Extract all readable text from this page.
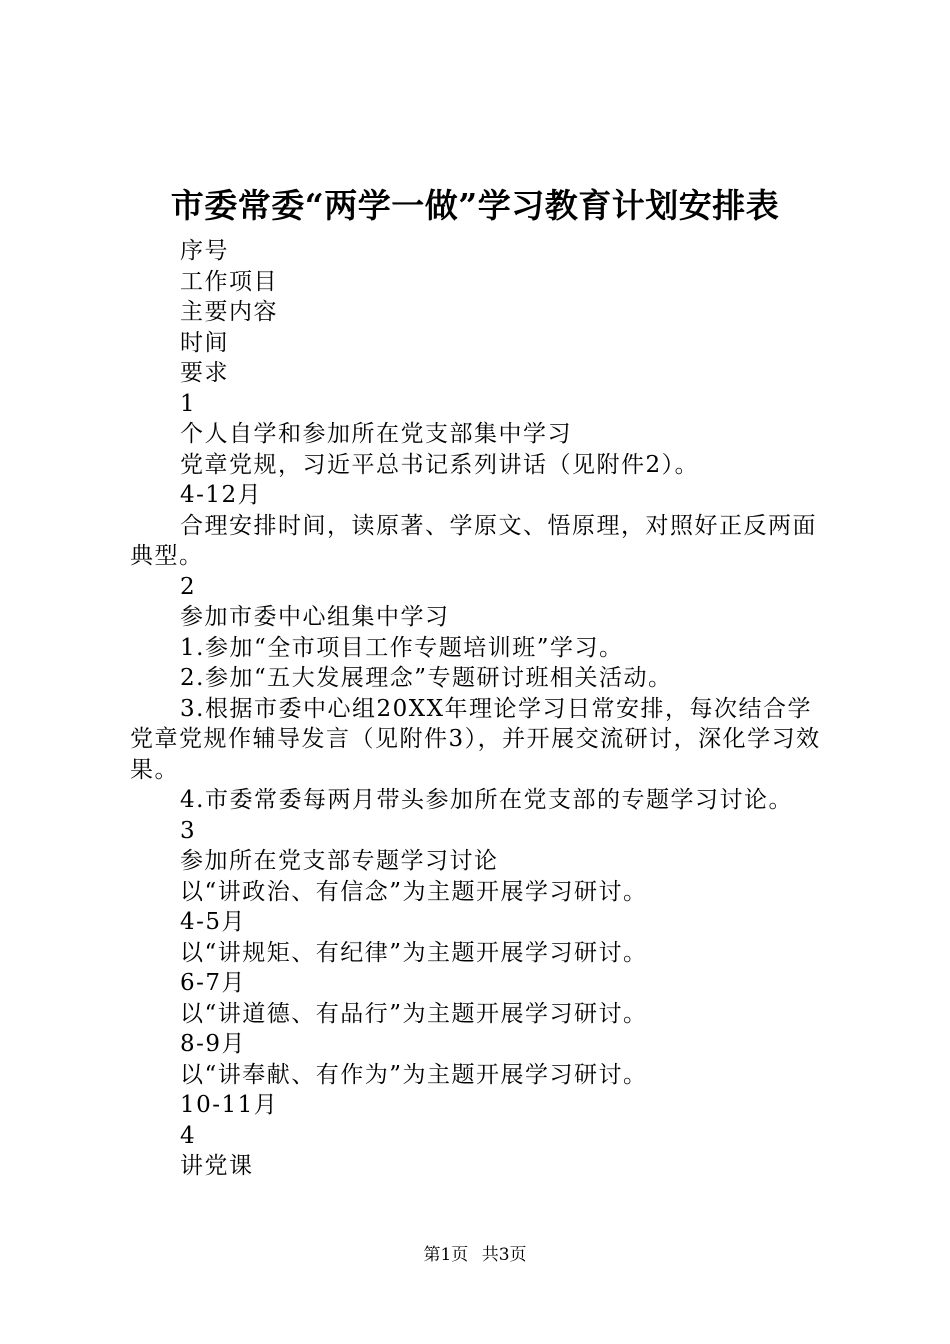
市委常委“两学一做”学习教育计划安排表

序号

工作项目

主要内容

时间

要求

1

个人自学和参加所在党支部集中学习

党章党规，习近平总书记系列讲话（见附件2）。

4-12月

合理安排时间，读原著、学原文、悟原理，对照好正反两面典型。

2

参加市委中心组集中学习

1.参加“全市项目工作专题培训班”学习。

2.参加“五大发展理念”专题研讨班相关活动。

3.根据市委中心组20XX年理论学习日常安排，每次结合学党章党规作辅导发言（见附件3），并开展交流研讨，深化学习效果。

4.市委常委每两月带头参加所在党支部的专题学习讨论。

3

参加所在党支部专题学习讨论

以“讲政治、有信念”为主题开展学习研讨。

4-5月

以“讲规矩、有纪律”为主题开展学习研讨。

6-7月

以“讲道德、有品行”为主题开展学习研讨。

8-9月

以“讲奉献、有作为”为主题开展学习研讨。

10-11月

4

讲党课

第1页 共3页
